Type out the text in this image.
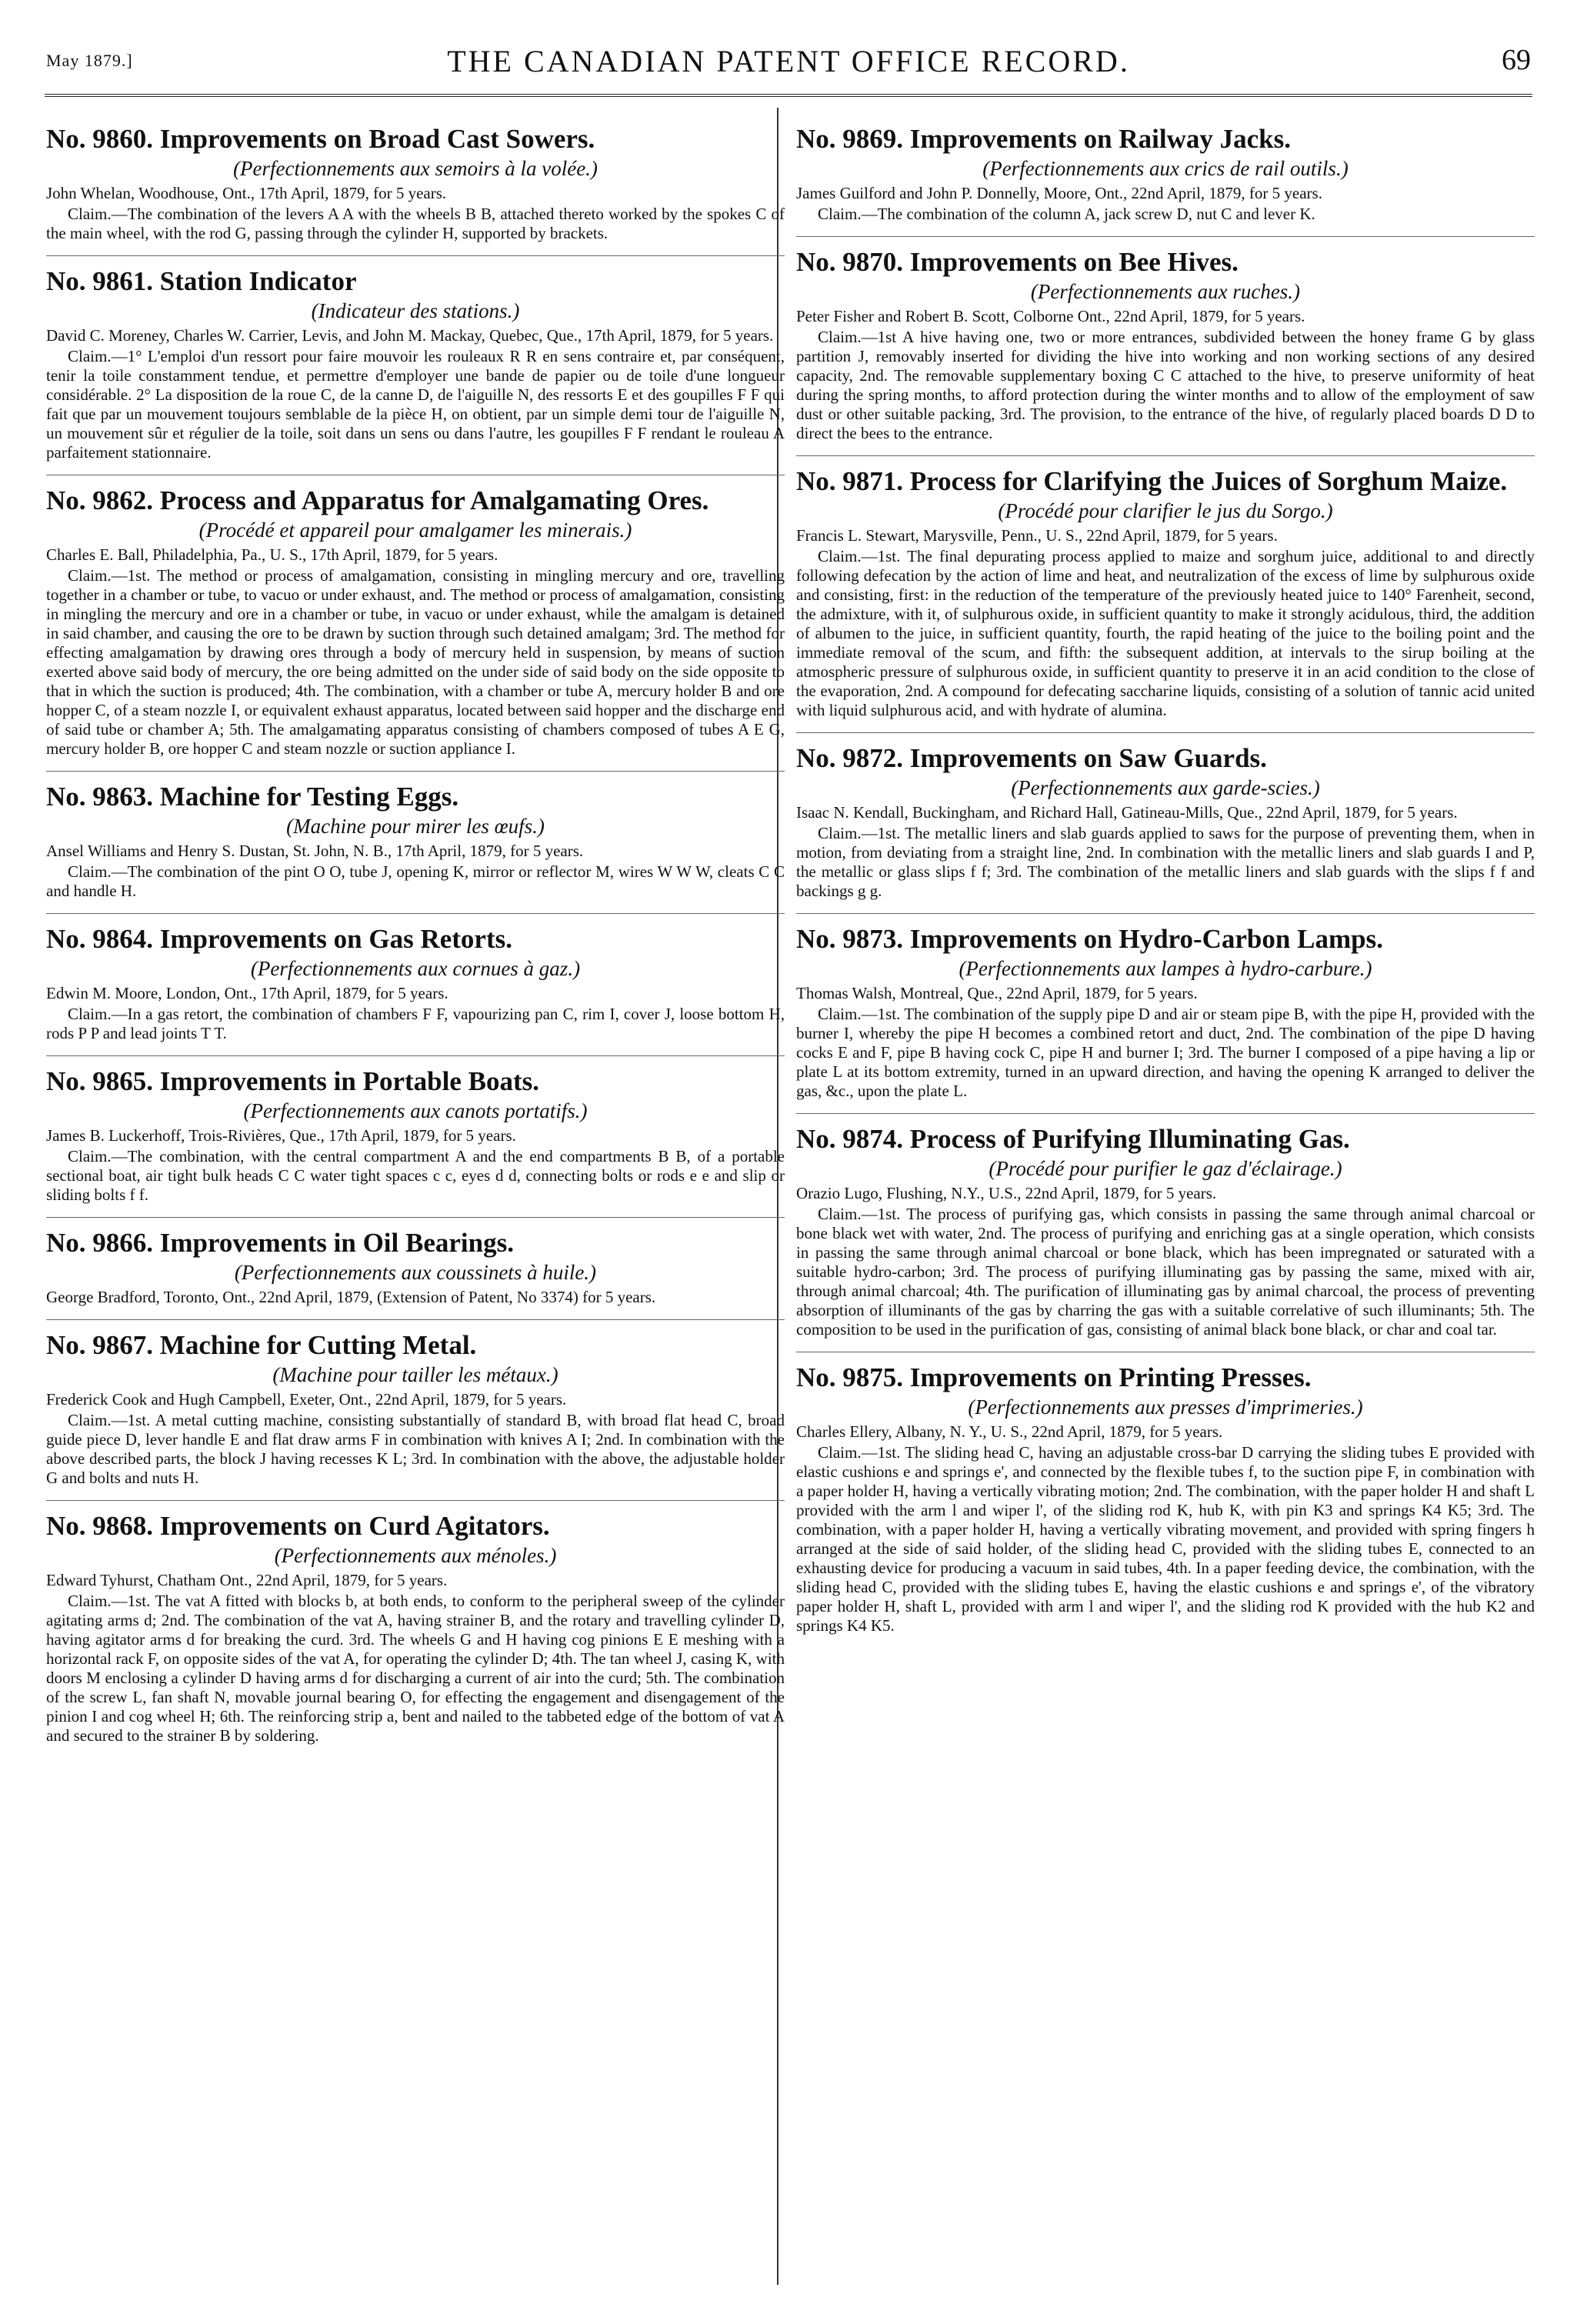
May 1879.]	THE CANADIAN PATENT OFFICE RECORD.	69
No. 9860. Improvements on Broad Cast Sowers.
(Perfectionnements aux semoirs à la volée.)
John Whelan, Woodhouse, Ont., 17th April, 1879, for 5 years.

Claim.—The combination of the levers A A with the wheels B B, attached thereto worked by the spokes C of the main wheel, with the rod G, passing through the cylinder H, supported by brackets.

No. 9861. Station Indicator
(Indicateur des stations.)
David C. Moreney, Charles W. Carrier, Levis, and John M. Mackay, Quebec, Que., 17th April, 1879, for 5 years.

Claim.—1° L'emploi d'un ressort pour faire mouvoir les rouleaux R R en sens contraire et, par conséquent, tenir la toile constamment tendue, et permettre d'employer une bande de papier ou de toile d'une longueur considérable. 2° La disposition de la roue C, de la canne D, de l'aiguille N, des ressorts E et des goupilles F F qui fait que par un mouvement toujours semblable de la pièce H, on obtient, par un simple demi tour de l'aiguille N, un mouvement sûr et régulier de la toile, soit dans un sens ou dans l'autre, les goupilles F F rendant le rouleau A parfaitement stationnaire.

No. 9862. Process and Apparatus for Amalgamating Ores.
(Procédé et appareil pour amalgamer les minerais.)
Charles E. Ball, Philadelphia, Pa., U. S., 17th April, 1879, for 5 years.

Claim.—1st. The method or process of amalgamation, consisting in mingling mercury and ore, travelling together in a chamber or tube, to vacuo or under exhaust, and. The method or process of amalgamation, consisting in mingling the mercury and ore in a chamber or tube, in vacuo or under exhaust, while the amalgam is detained in said chamber, and causing the ore to be drawn by suction through such detained amalgam; 3rd. The method for effecting amalgamation by drawing ores through a body of mercury held in suspension, by means of suction exerted above said body of mercury, the ore being admitted on the under side of said body on the side opposite to that in which the suction is produced; 4th. The combination, with a chamber or tube A, mercury holder B and ore hopper C, of a steam nozzle I, or equivalent exhaust apparatus, located between said hopper and the discharge end of said tube or chamber A; 5th. The amalgamating apparatus consisting of chambers composed of tubes A E G, mercury holder B, ore hopper C and steam nozzle or suction appliance I.

No. 9863. Machine for Testing Eggs.
(Machine pour mirer les œufs.)
Ansel Williams and Henry S. Dustan, St. John, N. B., 17th April, 1879, for 5 years.

Claim.—The combination of the pint O O, tube J, opening K, mirror or reflector M, wires W W W, cleats C C and handle H.

No. 9864. Improvements on Gas Retorts.
(Perfectionnements aux cornues à gaz.)
Edwin M. Moore, London, Ont., 17th April, 1879, for 5 years.

Claim.—In a gas retort, the combination of chambers F F, vapourizing pan C, rim I, cover J, loose bottom H, rods P P and lead joints T T.

No. 9865. Improvements in Portable Boats.
(Perfectionnements aux canots portatifs.)
James B. Luckerhoff, Trois-Rivières, Que., 17th April, 1879, for 5 years.

Claim.—The combination, with the central compartment A and the end compartments B B, of a portable sectional boat, air tight bulk heads C C water tight spaces c c, eyes d d, connecting bolts or rods e e and slip or sliding bolts f f.

No. 9866. Improvements in Oil Bearings.
(Perfectionnements aux coussinets à huile.)
George Bradford, Toronto, Ont., 22nd April, 1879, (Extension of Patent, No 3374) for 5 years.
No. 9867. Machine for Cutting Metal.
(Machine pour tailler les métaux.)
Frederick Cook and Hugh Campbell, Exeter, Ont., 22nd April, 1879, for 5 years.

Claim.—1st. A metal cutting machine, consisting substantially of standard B, with broad flat head C, broad guide piece D, lever handle E and flat draw arms F in combination with knives A I; 2nd. In combination with the above described parts, the block J having recesses K L; 3rd. In combination with the above, the adjustable holder G and bolts and nuts H.

No. 9868. Improvements on Curd Agitators.
(Perfectionnements aux ménoles.)
Edward Tyhurst, Chatham Ont., 22nd April, 1879, for 5 years.

Claim.—1st. The vat A fitted with blocks b, at both ends, to conform to the peripheral sweep of the cylinder agitating arms d; 2nd. The combination of the vat A, having strainer B, and the rotary and travelling cylinder D, having agitator arms d for breaking the curd. 3rd. The wheels G and H having cog pinions E E meshing with a horizontal rack F, on opposite sides of the vat A, for operating the cylinder D; 4th. The tan wheel J, casing K, with doors M enclosing a cylinder D having arms d for discharging a current of air into the curd; 5th. The combination of the screw L, fan shaft N, movable journal bearing O, for effecting the engagement and disengagement of the pinion I and cog wheel H; 6th. The reinforcing strip a, bent and nailed to the tabbeted edge of the bottom of vat A and secured to the strainer B by soldering.

No. 9869. Improvements on Railway Jacks.
(Perfectionnements aux crics de rail outils.)
James Guilford and John P. Donnelly, Moore, Ont., 22nd April, 1879, for 5 years.

Claim.—The combination of the column A, jack screw D, nut C and lever K.

No. 9870. Improvements on Bee Hives.
(Perfectionnements aux ruches.)
Peter Fisher and Robert B. Scott, Colborne Ont., 22nd April, 1879, for 5 years.

Claim.—1st A hive having one, two or more entrances, subdivided between the honey frame G by glass partition J, removably inserted for dividing the hive into working and non working sections of any desired capacity, 2nd. The removable supplementary boxing C C attached to the hive, to preserve uniformity of heat during the spring months, to afford protection during the winter months and to allow of the employment of saw dust or other suitable packing, 3rd. The provision, to the entrance of the hive, of regularly placed boards D D to direct the bees to the entrance.

No. 9871. Process for Clarifying the Juices of Sorghum Maize.
(Procédé pour clarifier le jus du Sorgo.)
Francis L. Stewart, Marysville, Penn., U. S., 22nd April, 1879, for 5 years.

Claim.—1st. The final depurating process applied to maize and sorghum juice, additional to and directly following defecation by the action of lime and heat, and neutralization of the excess of lime by sulphurous oxide and consisting, first: in the reduction of the temperature of the previously heated juice to 140° Farenheit, second, the admixture, with it, of sulphurous oxide, in sufficient quantity to make it strongly acidulous, third, the addition of albumen to the juice, in sufficient quantity, fourth, the rapid heating of the juice to the boiling point and the immediate removal of the scum, and fifth: the subsequent addition, at intervals to the sirup boiling at the atmospheric pressure of sulphurous oxide, in sufficient quantity to preserve it in an acid condition to the close of the evaporation, 2nd. A compound for defecating saccharine liquids, consisting of a solution of tannic acid united with liquid sulphurous acid, and with hydrate of alumina.

No. 9872. Improvements on Saw Guards.
(Perfectionnements aux garde-scies.)
Isaac N. Kendall, Buckingham, and Richard Hall, Gatineau-Mills, Que., 22nd April, 1879, for 5 years.

Claim.—1st. The metallic liners and slab guards applied to saws for the purpose of preventing them, when in motion, from deviating from a straight line, 2nd. In combination with the metallic liners and slab guards I and P, the metallic or glass slips f f; 3rd. The combination of the metallic liners and slab guards with the slips f f and backings g g.

No. 9873. Improvements on Hydro-Carbon Lamps.
(Perfectionnements aux lampes à hydro-carbure.)
Thomas Walsh, Montreal, Que., 22nd April, 1879, for 5 years.

Claim.—1st. The combination of the supply pipe D and air or steam pipe B, with the pipe H, provided with the burner I, whereby the pipe H becomes a combined retort and duct, 2nd. The combination of the pipe D having cocks E and F, pipe B having cock C, pipe H and burner I; 3rd. The burner I composed of a pipe having a lip or plate L at its bottom extremity, turned in an upward direction, and having the opening K arranged to deliver the gas, &c., upon the plate L.

No. 9874. Process of Purifying Illuminating Gas.
(Procédé pour purifier le gaz d'éclairage.)
Orazio Lugo, Flushing, N.Y., U.S., 22nd April, 1879, for 5 years.

Claim.—1st. The process of purifying gas, which consists in passing the same through animal charcoal or bone black wet with water, 2nd. The process of purifying and enriching gas at a single operation, which consists in passing the same through animal charcoal or bone black, which has been impregnated or saturated with a suitable hydro-carbon; 3rd. The process of purifying illuminating gas by passing the same, mixed with air, through animal charcoal; 4th. The purification of illuminating gas by animal charcoal, the process of preventing absorption of illuminants of the gas by charring the gas with a suitable correlative of such illuminants; 5th. The composition to be used in the purification of gas, consisting of animal black bone black, or char and coal tar.

No. 9875. Improvements on Printing Presses.
(Perfectionnements aux presses d'imprimeries.)
Charles Ellery, Albany, N. Y., U. S., 22nd April, 1879, for 5 years.

Claim.—1st. The sliding head C, having an adjustable cross-bar D carrying the sliding tubes E provided with elastic cushions e and springs e', and connected by the flexible tubes f, to the suction pipe F, in combination with a paper holder H, having a vertically vibrating motion; 2nd. The combination, with the paper holder H and shaft L provided with the arm l and wiper l', of the sliding rod K, hub K, with pin K3 and springs K4 K5; 3rd. The combination, with a paper holder H, having a vertically vibrating movement, and provided with spring fingers h arranged at the side of said holder, of the sliding head C, provided with the sliding tubes E, connected to an exhausting device for producing a vacuum in said tubes, 4th. In a paper feeding device, the combination, with the sliding head C, provided with the sliding tubes E, having the elastic cushions e and springs e', of the vibratory paper holder H, shaft L, provided with arm l and wiper l', and the sliding rod K provided with the hub K2 and springs K4 K5.
